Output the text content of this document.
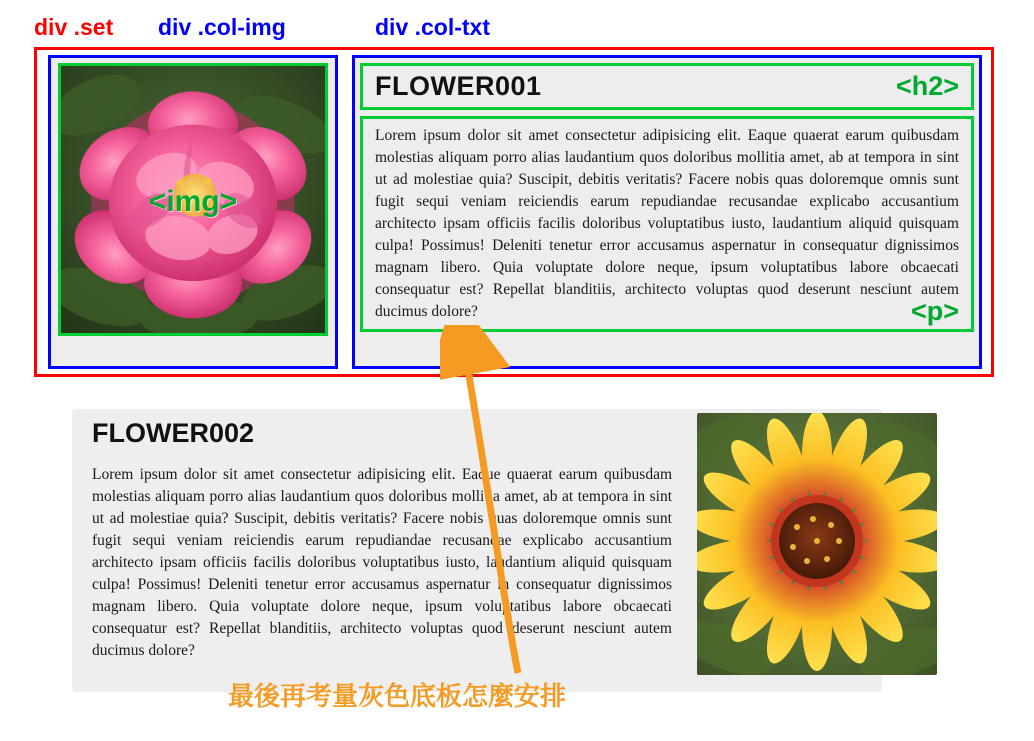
div .set div .col-img	div .col-txt
<img>
FLOWER001	<h2>

Lorem ipsum dolor sit amet consectetur adipisicing elit. Eaque quaerat earum quibusdam molestias aliquam porro alias laudantium quos doloribus mollitia amet, ab at tempora in sint ut ad molestiae quia? Suscipit, debitis veritatis? Facere nobis quas doloremque omnis sunt fugit sequi veniam reiciendis earum repudiandae recusandae explicabo accusantium architecto ipsam officiis facilis doloribus voluptatibus iusto, laudantium aliquid quisquam culpa! Possimus! Deleniti tenetur error accusamus aspernatur in consequatur dignissimos magnam libero. Quia voluptate dolore neque, ipsum voluptatibus labore obcaecati consequatur est? Repellat blanditiis, architecto voluptas quod deserunt nesciunt autem ducimus dolore?	<p>
FLOWER002

Lorem ipsum dolor sit amet consectetur adipisicing elit. Eaque quaerat earum quibusdam molestias aliquam porro alias laudantium quos doloribus mollitia amet, ab at tempora in sint ut ad molestiae quia? Suscipit, debitis veritatis? Facere nobis quas doloremque omnis sunt fugit sequi veniam reiciendis earum repudiandae recusandae explicabo accusantium architecto ipsam officiis facilis doloribus voluptatibus iusto, laudantium aliquid quisquam culpa! Possimus! Deleniti tenetur error accusamus aspernatur in consequatur dignissimos magnam libero. Quia voluptate dolore neque, ipsum voluptatibus labore obcaecati consequatur est? Repellat blanditiis, architecto voluptas quod deserunt nesciunt autem ducimus dolore?

最後再考量灰色底板怎麼安排
